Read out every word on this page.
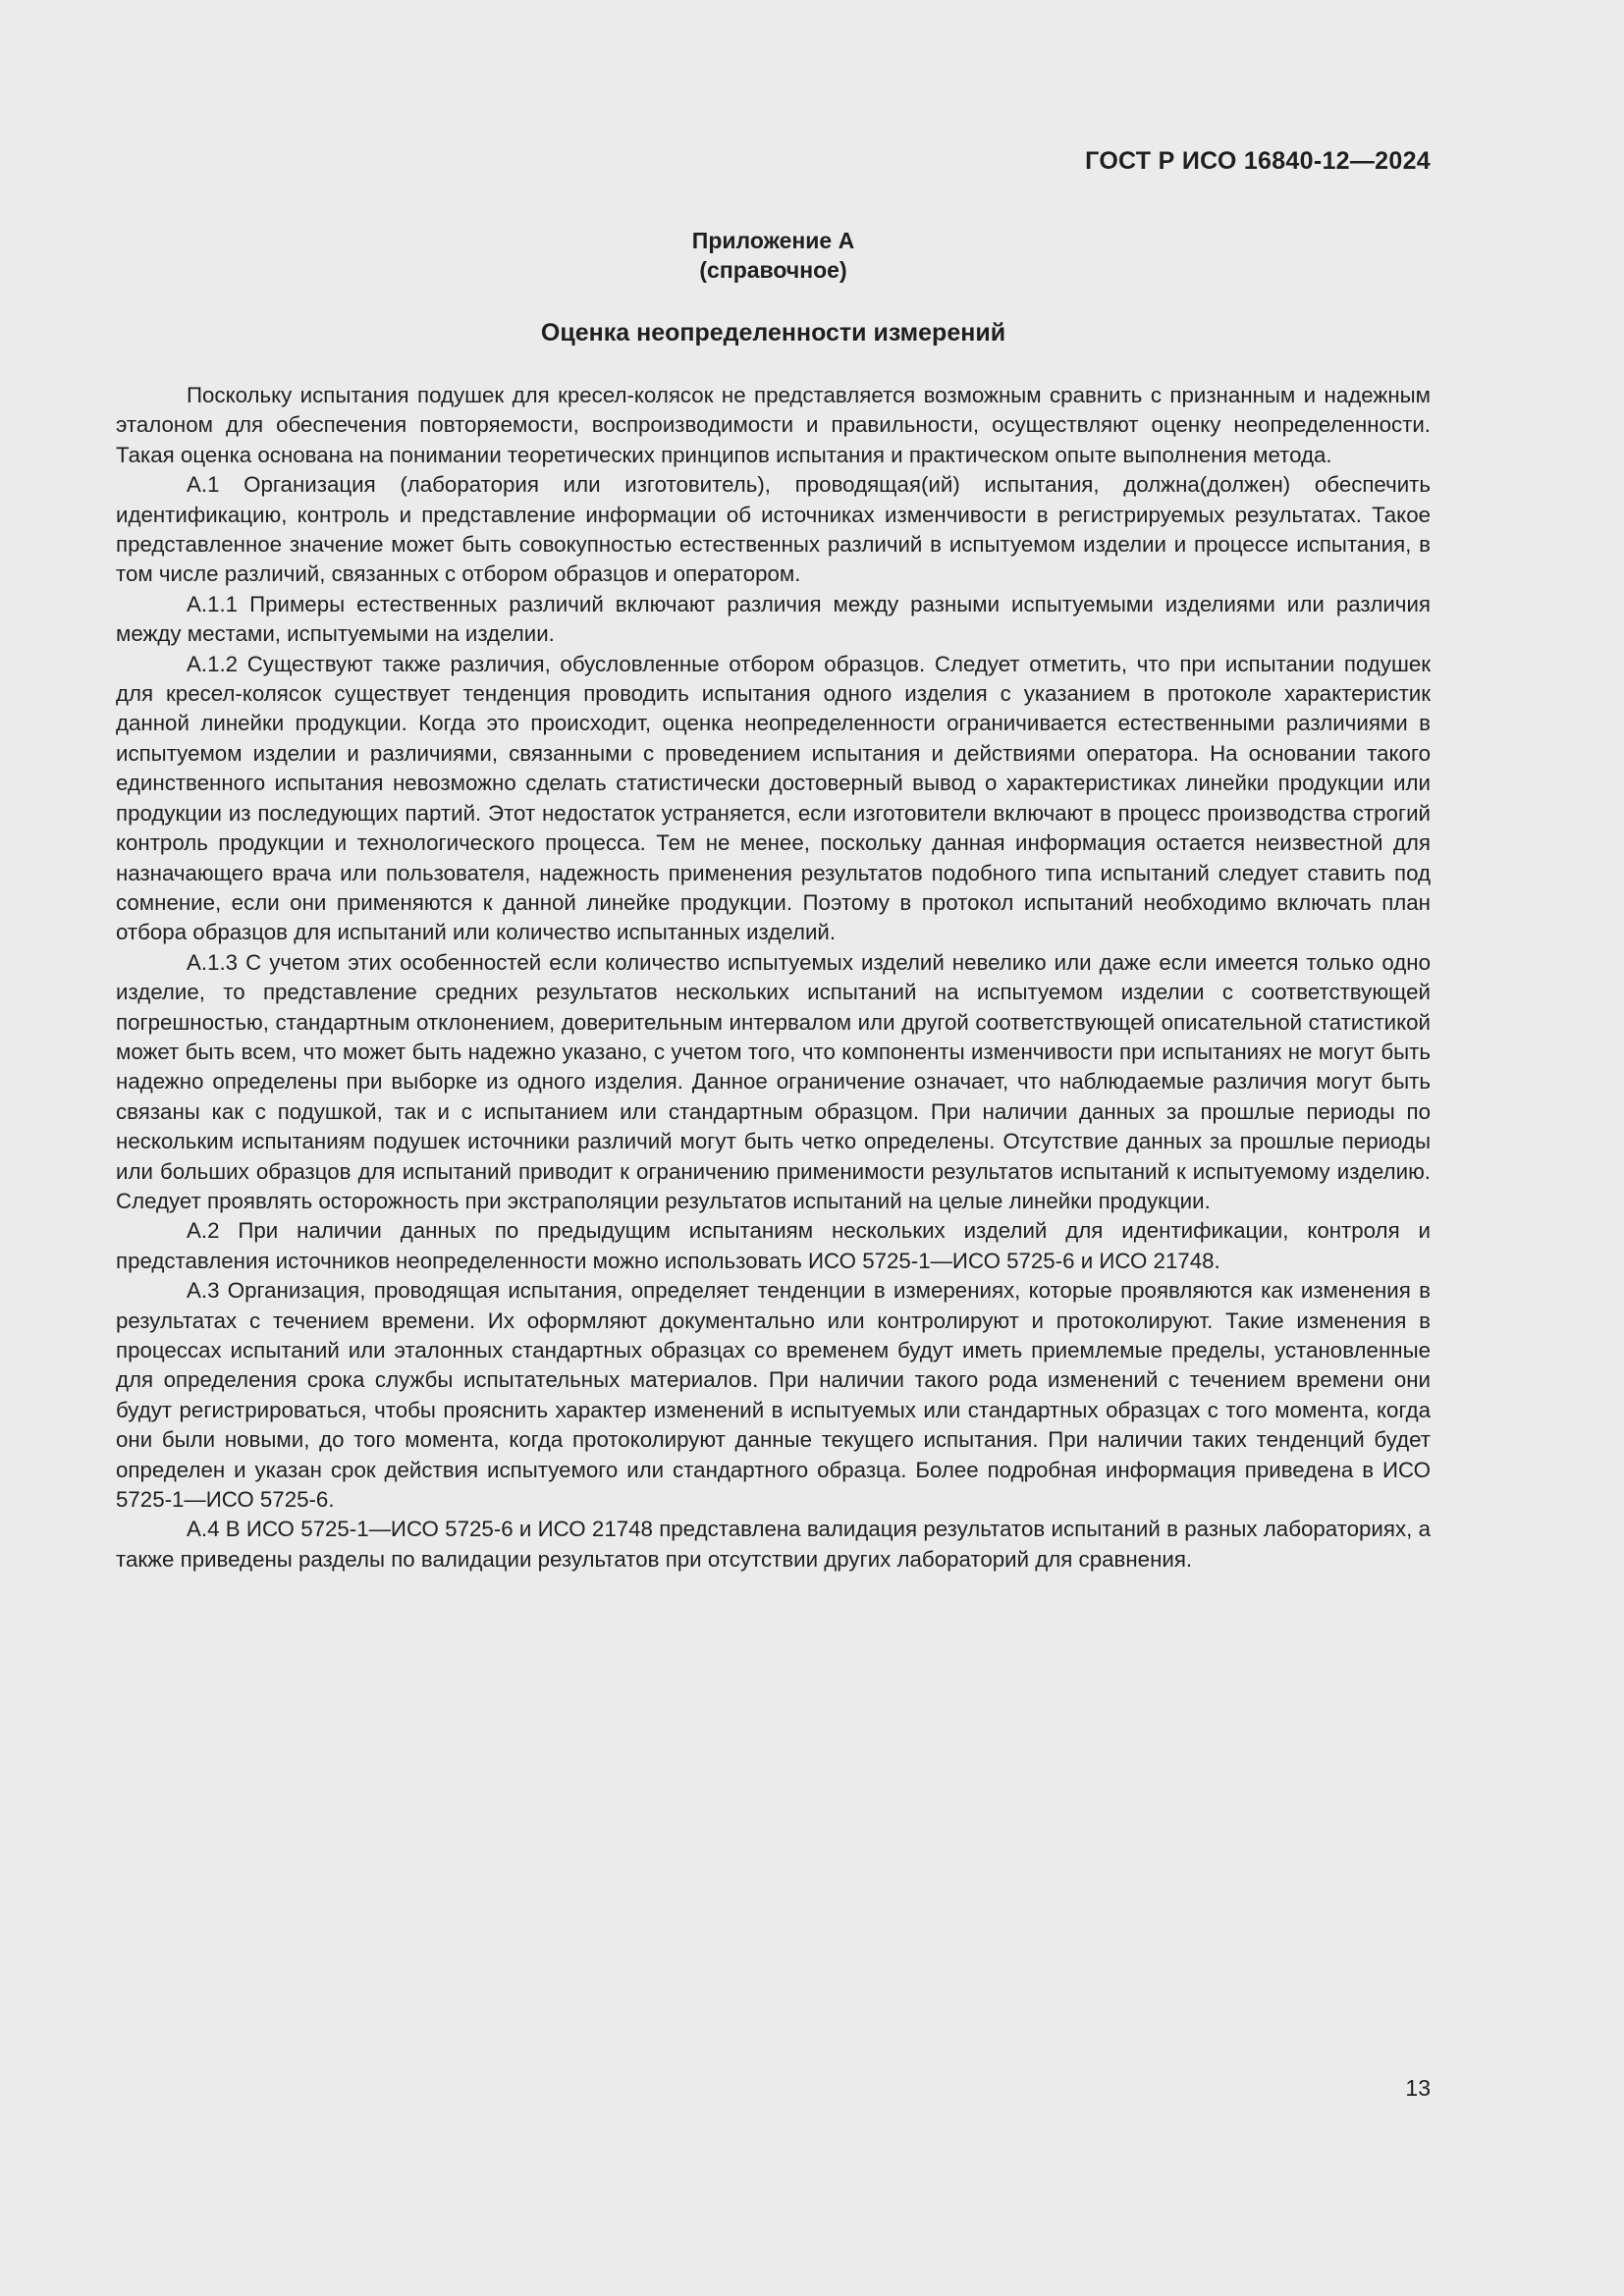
ГОСТ Р ИСО 16840-12—2024
Приложение А
(справочное)
Оценка неопределенности измерений

Поскольку испытания подушек для кресел-колясок не представляется возможным сравнить с признанным и надежным эталоном для обеспечения повторяемости, воспроизводимости и правильности, осуществляют оценку неопределенности. Такая оценка основана на понимании теоретических принципов испытания и практическом опыте выполнения метода.

А.1 Организация (лаборатория или изготовитель), проводящая(ий) испытания, должна(должен) обеспечить идентификацию, контроль и представление информации об источниках изменчивости в регистрируемых результатах. Такое представленное значение может быть совокупностью естественных различий в испытуемом изделии и процессе испытания, в том числе различий, связанных с отбором образцов и оператором.

А.1.1 Примеры естественных различий включают различия между разными испытуемыми изделиями или различия между местами, испытуемыми на изделии.

А.1.2 Существуют также различия, обусловленные отбором образцов. Следует отметить, что при испытании подушек для кресел-колясок существует тенденция проводить испытания одного изделия с указанием в протоколе характеристик данной линейки продукции. Когда это происходит, оценка неопределенности ограничивается естественными различиями в испытуемом изделии и различиями, связанными с проведением испытания и действиями оператора. На основании такого единственного испытания невозможно сделать статистически достоверный вывод о характеристиках линейки продукции или продукции из последующих партий. Этот недостаток устраняется, если изготовители включают в процесс производства строгий контроль продукции и технологического процесса. Тем не менее, поскольку данная информация остается неизвестной для назначающего врача или пользователя, надежность применения результатов подобного типа испытаний следует ставить под сомнение, если они применяются к данной линейке продукции. Поэтому в протокол испытаний необходимо включать план отбора образцов для испытаний или количество испытанных изделий.

А.1.3 С учетом этих особенностей если количество испытуемых изделий невелико или даже если имеется только одно изделие, то представление средних результатов нескольких испытаний на испытуемом изделии с соответствующей погрешностью, стандартным отклонением, доверительным интервалом или другой соответствующей описательной статистикой может быть всем, что может быть надежно указано, с учетом того, что компоненты изменчивости при испытаниях не могут быть надежно определены при выборке из одного изделия. Данное ограничение означает, что наблюдаемые различия могут быть связаны как с подушкой, так и с испытанием или стандартным образцом. При наличии данных за прошлые периоды по нескольким испытаниям подушек источники различий могут быть четко определены. Отсутствие данных за прошлые периоды или больших образцов для испытаний приводит к ограничению применимости результатов испытаний к испытуемому изделию. Следует проявлять осторожность при экстраполяции результатов испытаний на целые линейки продукции.

А.2 При наличии данных по предыдущим испытаниям нескольких изделий для идентификации, контроля и представления источников неопределенности можно использовать ИСО 5725-1—ИСО 5725-6 и ИСО 21748.

А.3 Организация, проводящая испытания, определяет тенденции в измерениях, которые проявляются как изменения в результатах с течением времени. Их оформляют документально или контролируют и протоколируют. Такие изменения в процессах испытаний или эталонных стандартных образцах со временем будут иметь приемлемые пределы, установленные для определения срока службы испытательных материалов. При наличии такого рода изменений с течением времени они будут регистрироваться, чтобы прояснить характер изменений в испытуемых или стандартных образцах с того момента, когда они были новыми, до того момента, когда протоколируют данные текущего испытания. При наличии таких тенденций будет определен и указан срок действия испытуемого или стандартного образца. Более подробная информация приведена в ИСО 5725-1—ИСО 5725-6.

А.4 В ИСО 5725-1—ИСО 5725-6 и ИСО 21748 представлена валидация результатов испытаний в разных лабораториях, а также приведены разделы по валидации результатов при отсутствии других лабораторий для сравнения.

13
